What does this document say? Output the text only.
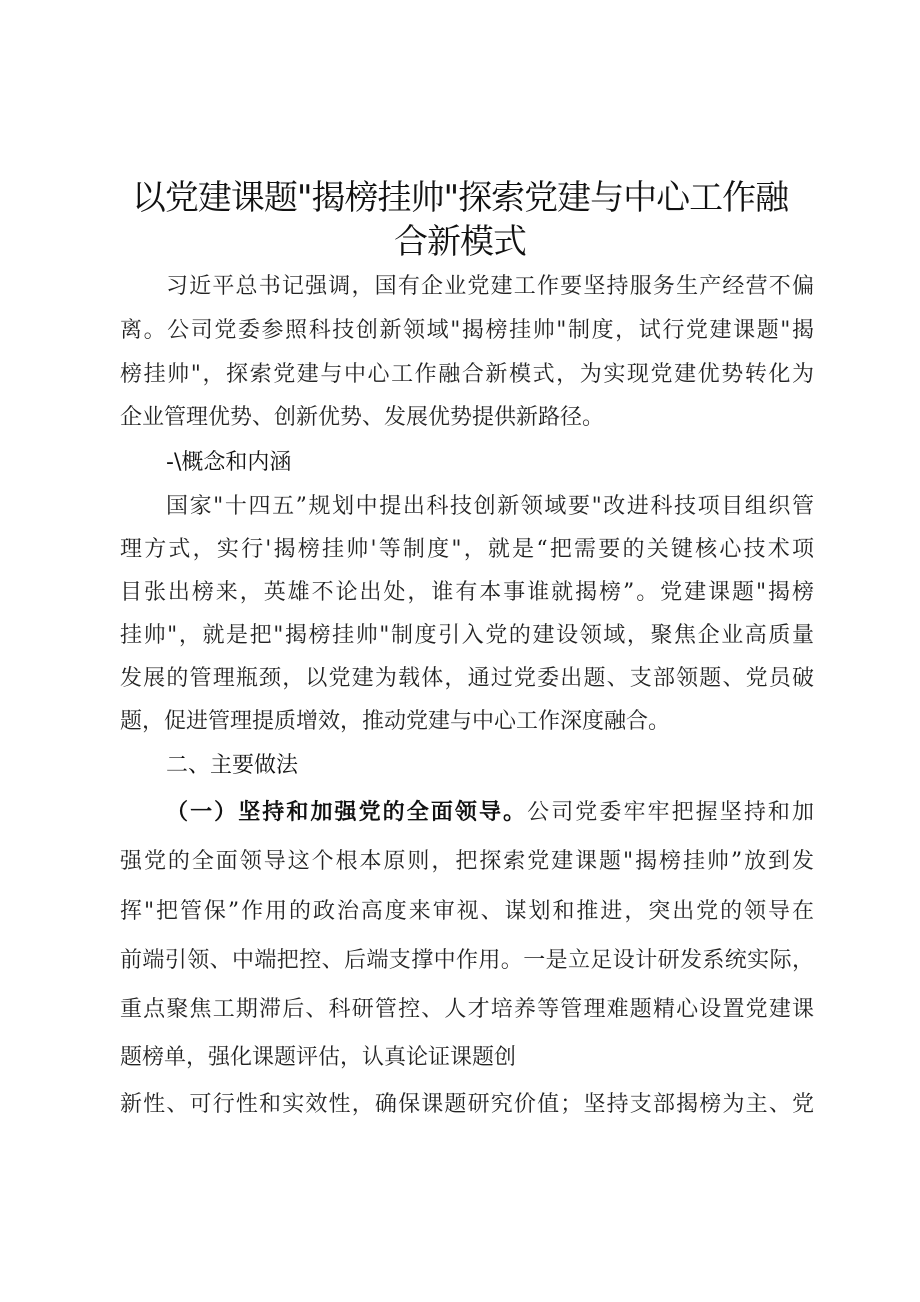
以党建课题"揭榜挂帅"探索党建与中心工作融
合新模式
习近平总书记强调，国有企业党建工作要坚持服务生产经营不偏
离。公司党委参照科技创新领域"揭榜挂帅"制度，试行党建课题"揭
榜挂帅"，探索党建与中心工作融合新模式，为实现党建优势转化为
企业管理优势、创新优势、发展优势提供新路径。
-\概念和内涵
国家"十四五”规划中提出科技创新领域要"改进科技项目组织管
理方式，实行'揭榜挂帅'等制度"，就是“把需要的关键核心技术项
目张出榜来，英雄不论出处，谁有本事谁就揭榜”。党建课题"揭榜
挂帅"，就是把"揭榜挂帅"制度引入党的建设领域，聚焦企业高质量
发展的管理瓶颈，以党建为载体，通过党委出题、支部领题、党员破
题，促进管理提质增效，推动党建与中心工作深度融合。
二、主要做法
（一）坚持和加强党的全面领导。公司党委牢牢把握坚持和加
强党的全面领导这个根本原则，把探索党建课题"揭榜挂帅”放到发
挥"把管保”作用的政治高度来审视、谋划和推进，突出党的领导在
前端引领、中端把控、后端支撑中作用。一是立足设计研发系统实际，
重点聚焦工期滞后、科研管控、人才培养等管理难题精心设置党建课
题榜单，强化课题评估，认真论证课题创
新性、可行性和实效性，确保课题研究价值；坚持支部揭榜为主、党
